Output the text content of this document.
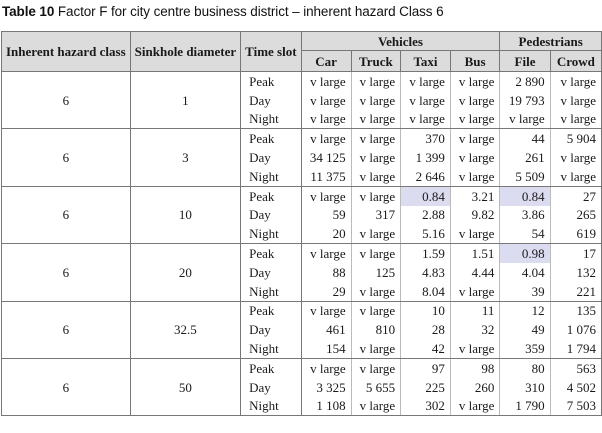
Table 10 Factor F for city centre business district – inherent hazard Class 6
Inherent hazard class	Sinkhole diameter	Time slot	Vehicles				Pedestrians	
			Car	Truck	Taxi	Bus	File	Crowd
6	1	Peak	v large	v large	v large	v large	2 890	v large
		Day	v large	v large	v large	v large	19 793	v large
		Night	v large	v large	v large	v large	v large	v large
6	3	Peak	v large	v large	370	v large	44	5 904
		Day	34 125	v large	1 399	v large	261	v large
		Night	11 375	v large	2 646	v large	5 509	v large
6	10	Peak	v large	v large	0.84	3.21	0.84	27
		Day	59	317	2.88	9.82	3.86	265
		Night	20	v large	5.16	v large	54	619
6	20	Peak	v large	v large	1.59	1.51	0.98	17
		Day	88	125	4.83	4.44	4.04	132
		Night	29	v large	8.04	v large	39	221
6	32.5	Peak	v large	v large	10	11	12	135
		Day	461	810	28	32	49	1 076
		Night	154	v large	42	v large	359	1 794
6	50	Peak	v large	v large	97	98	80	563
		Day	3 325	5 655	225	260	310	4 502
		Night	1 108	v large	302	v large	1 790	7 503
